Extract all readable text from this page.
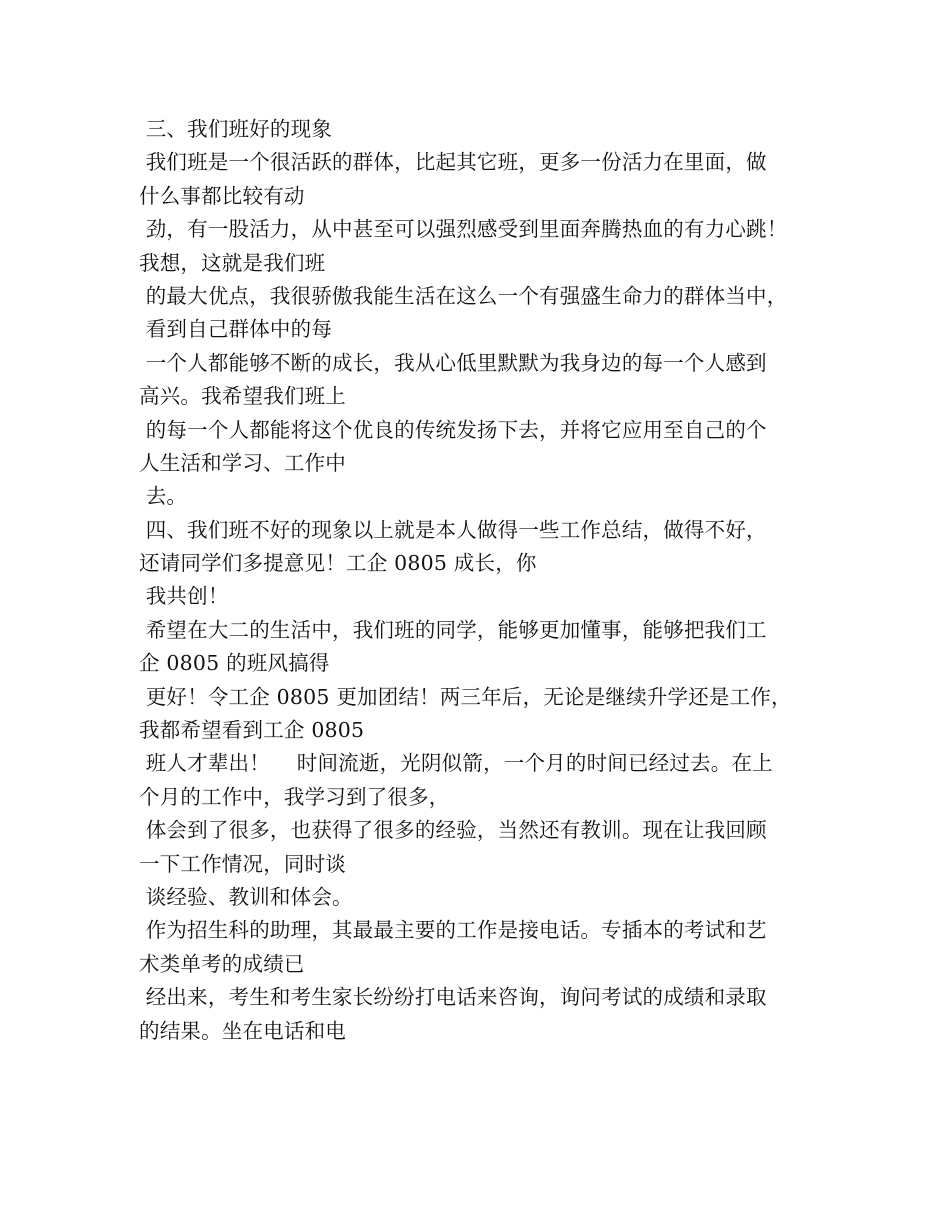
三、我们班好的现象
我们班是一个很活跃的群体，比起其它班，更多一份活力在里面，做
什么事都比较有动
劲，有一股活力，从中甚至可以强烈感受到里面奔腾热血的有力心跳！
我想，这就是我们班
的最大优点，我很骄傲我能生活在这么一个有强盛生命力的群体当中，
看到自己群体中的每
一个人都能够不断的成长，我从心低里默默为我身边的每一个人感到
高兴。我希望我们班上
的每一个人都能将这个优良的传统发扬下去，并将它应用至自己的个
人生活和学习、工作中
去。
四、我们班不好的现象以上就是本人做得一些工作总结，做得不好，
还请同学们多提意见！工企 0805 成长，你
我共创！
希望在大二的生活中，我们班的同学，能够更加懂事，能够把我们工
企 0805 的班风搞得
更好！令工企 0805 更加团结！两三年后，无论是继续升学还是工作，
我都希望看到工企 0805
班人才辈出！    时间流逝，光阴似箭，一个月的时间已经过去。在上
个月的工作中，我学习到了很多，
体会到了很多，也获得了很多的经验，当然还有教训。现在让我回顾
一下工作情况，同时谈
谈经验、教训和体会。
作为招生科的助理，其最最主要的工作是接电话。专插本的考试和艺
术类单考的成绩已
经出来，考生和考生家长纷纷打电话来咨询，询问考试的成绩和录取
的结果。坐在电话和电
